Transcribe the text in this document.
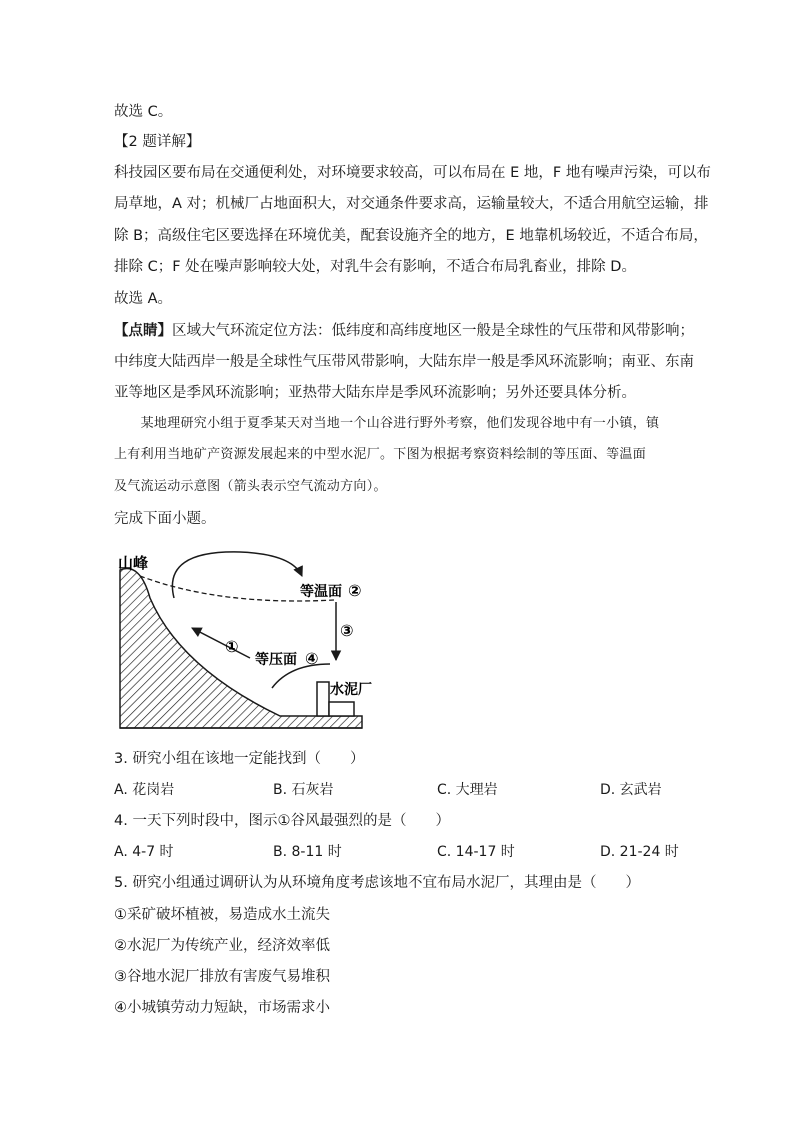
故选 C。
【2 题详解】
科技园区要布局在交通便利处，对环境要求较高，可以布局在 E 地，F 地有噪声污染，可以布
局草地，A 对；机械厂占地面积大，对交通条件要求高，运输量较大，不适合用航空运输，排
除 B；高级住宅区要选择在环境优美，配套设施齐全的地方，E 地靠机场较近，不适合布局，
排除 C；F 处在噪声影响较大处，对乳牛会有影响，不适合布局乳畜业，排除 D。
故选 A。
【点睛】区域大气环流定位方法：低纬度和高纬度地区一般是全球性的气压带和风带影响；
中纬度大陆西岸一般是全球性气压带风带影响，大陆东岸一般是季风环流影响；南亚、东南
亚等地区是季风环流影响；亚热带大陆东岸是季风环流影响；另外还要具体分析。
　　某地理研究小组于夏季某天对当地一个山谷进行野外考察，他们发现谷地中有一小镇，镇
上有利用当地矿产资源发展起来的中型水泥厂。下图为根据考察资料绘制的等压面、等温面
及气流运动示意图（箭头表示空气流动方向）。
完成下面小题。
山峰
等温面 ②
③
①
等压面 ④
水泥厂
3. 研究小组在该地一定能找到（　　）
A. 花岗岩	B. 石灰岩	C. 大理岩	D. 玄武岩
4. 一天下列时段中，图示①谷风最强烈的是（　　）
A. 4-7 时	B. 8-11 时	C. 14-17 时	D. 21-24 时
5. 研究小组通过调研认为从环境角度考虑该地不宜布局水泥厂，其理由是（　　）
①采矿破坏植被，易造成水土流失
②水泥厂为传统产业，经济效率低
③谷地水泥厂排放有害废气易堆积
④小城镇劳动力短缺，市场需求小
